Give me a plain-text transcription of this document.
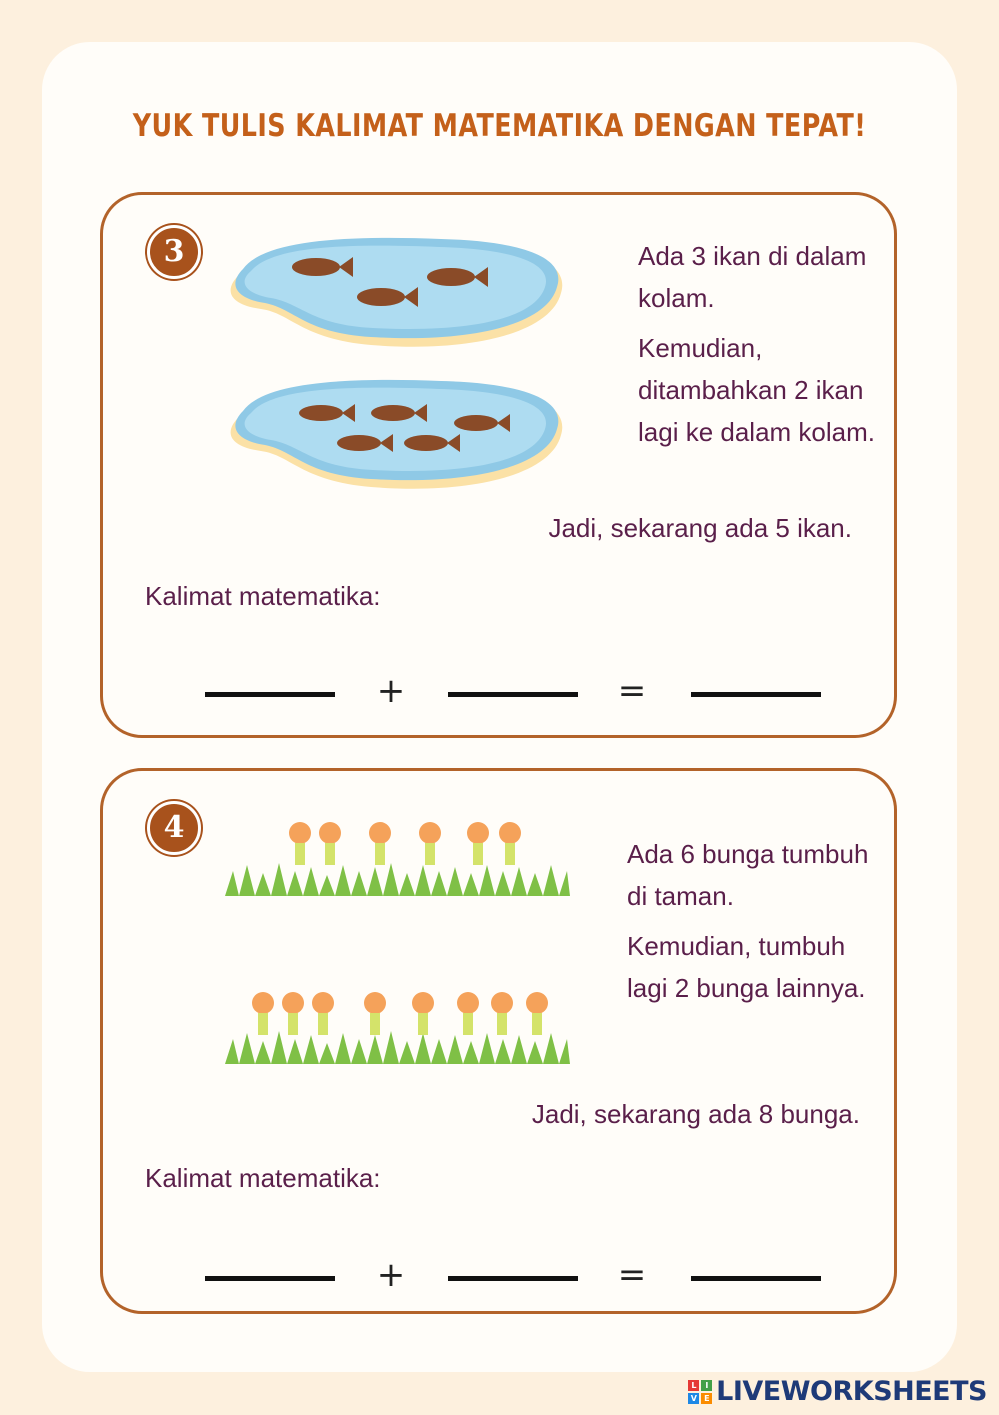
YUK TULIS KALIMAT MATEMATIKA DENGAN TEPAT!
3	Ada 3 ikan di dalam kolam.

Kemudian, ditambahkan 2 ikan lagi ke dalam kolam.

Jadi, sekarang ada 5 ikan.
Kalimat matematika:
+	=
4

Ada 6 bunga tumbuh di taman.

Kemudian, tumbuh lagi 2 bunga lainnya.

Jadi, sekarang ada 8 bunga.
Kalimat matematika:
+	=
L	I
V E LIVEWORKSHEETS
